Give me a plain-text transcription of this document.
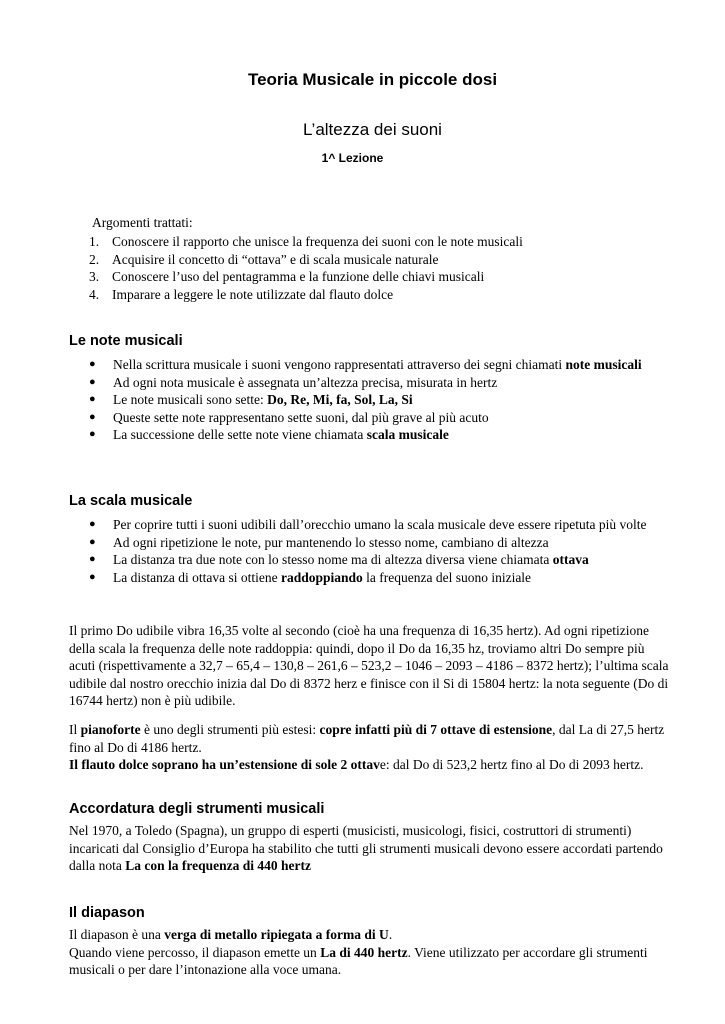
Teoria Musicale in piccole dosi
L’altezza dei suoni
1^ Lezione
Argomenti trattati:
1. Conoscere il rapporto che unisce la frequenza dei suoni con le note musicali
2. Acquisire il concetto di “ottava” e di scala musicale naturale
3. Conoscere l’uso del pentagramma e la funzione delle chiavi musicali
4. Imparare a leggere le note utilizzate dal flauto dolce
Le note musicali
●	Nella scrittura musicale i suoni vengono rappresentati attraverso dei segni chiamati note musicali
●	Ad ogni nota musicale è assegnata un’altezza precisa, misurata in hertz
●	Le note musicali sono sette: Do, Re, Mi, fa, Sol, La, Si
●	Queste sette note rappresentano sette suoni, dal più grave al più acuto
●	La successione delle sette note viene chiamata scala musicale
La scala musicale
●	Per coprire tutti i suoni udibili dall’orecchio umano la scala musicale deve essere ripetuta più volte
●	Ad ogni ripetizione le note, pur mantenendo lo stesso nome, cambiano di altezza
●	La distanza tra due note con lo stesso nome ma di altezza diversa viene chiamata ottava
●	La distanza di ottava si ottiene raddoppiando la frequenza del suono iniziale

Il primo Do udibile vibra 16,35 volte al secondo (cioè ha una frequenza di 16,35 hertz). Ad ogni ripetizione della scala la frequenza delle note raddoppia: quindi, dopo il Do da 16,35 hz, troviamo altri Do sempre più acuti (rispettivamente a 32,7 – 65,4 – 130,8 – 261,6 – 523,2 – 1046 – 2093 – 4186 – 8372 hertz); l’ultima scala udibile dal nostro orecchio inizia dal Do di 8372 herz e finisce con il Si di 15804 hertz: la nota seguente (Do di 16744 hertz) non è più udibile.

Il pianoforte è uno degli strumenti più estesi: copre infatti più di 7 ottave di estensione, dal La di 27,5 hertz fino al Do di 4186 hertz.
Il flauto dolce soprano ha un’estensione di sole 2 ottave: dal Do di 523,2 hertz fino al Do di 2093 hertz.

Accordatura degli strumenti musicali

Nel 1970, a Toledo (Spagna), un gruppo di esperti (musicisti, musicologi, fisici, costruttori di strumenti) incaricati dal Consiglio d’Europa ha stabilito che tutti gli strumenti musicali devono essere accordati partendo dalla nota La con la frequenza di 440 hertz

Il diapason

Il diapason è una verga di metallo ripiegata a forma di U.
Quando viene percosso, il diapason emette un La di 440 hertz. Viene utilizzato per accordare gli strumenti musicali o per dare l’intonazione alla voce umana.
